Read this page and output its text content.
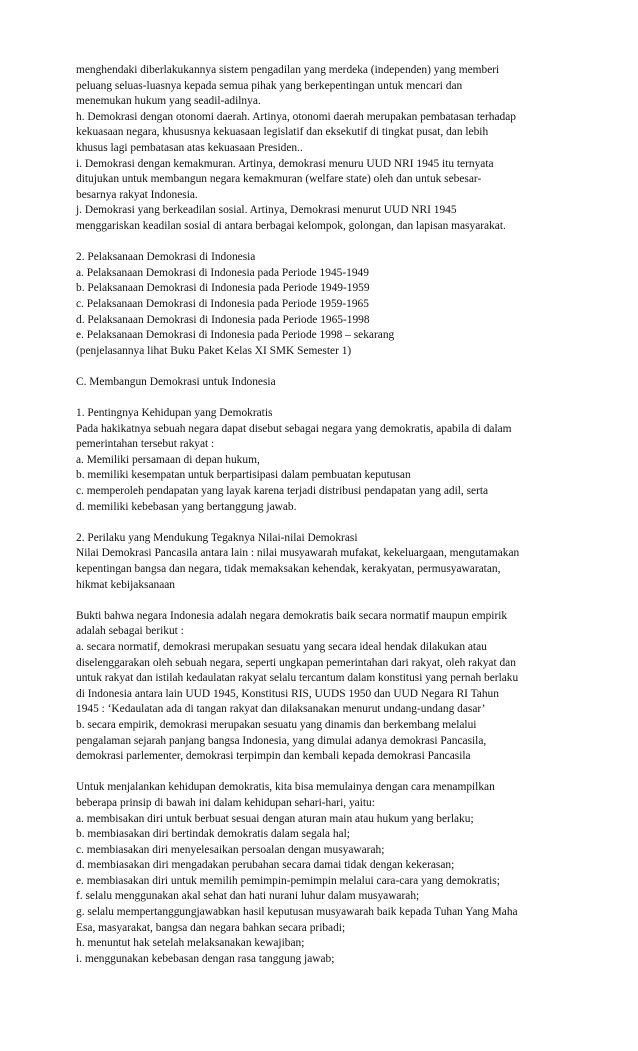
menghendaki diberlakukannya sistem pengadilan yang merdeka (independen) yang memberi
peluang seluas-luasnya kepada semua pihak yang berkepentingan untuk mencari dan
menemukan hukum yang seadil-adilnya.
h. Demokrasi dengan otonomi daerah. Artinya, otonomi daerah merupakan pembatasan terhadap
kekuasaan negara, khususnya kekuasaan legislatif dan eksekutif di tingkat pusat, dan lebih
khusus lagi pembatasan atas kekuasaan Presiden..
i. Demokrasi dengan kemakmuran. Artinya, demokrasi menuru UUD NRI 1945 itu ternyata
ditujukan untuk membangun negara kemakmuran (welfare state) oleh dan untuk sebesar-
besarnya rakyat Indonesia.
j. Demokrasi yang berkeadilan sosial. Artinya, Demokrasi menurut UUD NRI 1945
menggariskan keadilan sosial di antara berbagai kelompok, golongan, dan lapisan masyarakat.
2. Pelaksanaan Demokrasi di Indonesia
a. Pelaksanaan Demokrasi di Indonesia pada Periode 1945-1949
b. Pelaksanaan Demokrasi di Indonesia pada Periode 1949-1959
c. Pelaksanaan Demokrasi di Indonesia pada Periode 1959-1965
d. Pelaksanaan Demokrasi di Indonesia pada Periode 1965-1998
e. Pelaksanaan Demokrasi di Indonesia pada Periode 1998 – sekarang
(penjelasannya lihat Buku Paket Kelas XI SMK Semester 1)
C. Membangun Demokrasi untuk Indonesia
1. Pentingnya Kehidupan yang Demokratis
Pada hakikatnya sebuah negara dapat disebut sebagai negara yang demokratis, apabila di dalam
pemerintahan tersebut rakyat :
a. Memiliki persamaan di depan hukum,
b. memiliki kesempatan untuk berpartisipasi dalam pembuatan keputusan
c. memperoleh pendapatan yang layak karena terjadi distribusi pendapatan yang adil, serta
d. memiliki kebebasan yang bertanggung jawab.
2. Perilaku yang Mendukung Tegaknya Nilai-nilai Demokrasi
Nilai Demokrasi Pancasila antara lain : nilai musyawarah mufakat, kekeluargaan, mengutamakan
kepentingan bangsa dan negara, tidak memaksakan kehendak, kerakyatan, permusyawaratan,
hikmat kebijaksanaan
Bukti bahwa negara Indonesia adalah negara demokratis baik secara normatif maupun empirik
adalah sebagai berikut :
a. secara normatif, demokrasi merupakan sesuatu yang secara ideal hendak dilakukan atau
diselenggarakan oleh sebuah negara, seperti ungkapan pemerintahan dari rakyat, oleh rakyat dan
untuk rakyat dan istilah kedaulatan rakyat selalu tercantum dalam konstitusi yang pernah berlaku
di Indonesia antara lain UUD 1945, Konstitusi RIS, UUDS 1950 dan UUD Negara RI Tahun
1945 : ‘Kedaulatan ada di tangan rakyat dan dilaksanakan menurut undang-undang dasar’
b. secara empirik, demokrasi merupakan sesuatu yang dinamis dan berkembang melalui
pengalaman sejarah panjang bangsa Indonesia, yang dimulai adanya demokrasi Pancasila,
demokrasi parlementer, demokrasi terpimpin dan kembali kepada demokrasi Pancasila
Untuk menjalankan kehidupan demokratis, kita bisa memulainya dengan cara menampilkan
beberapa prinsip di bawah ini dalam kehidupan sehari-hari, yaitu:
a. membisakan diri untuk berbuat sesuai dengan aturan main atau hukum yang berlaku;
b. membiasakan diri bertindak demokratis dalam segala hal;
c. membiasakan diri menyelesaikan persoalan dengan musyawarah;
d. membiasakan diri mengadakan perubahan secara damai tidak dengan kekerasan;
e. membiasakan diri untuk memilih pemimpin-pemimpin melalui cara-cara yang demokratis;
f. selalu menggunakan akal sehat dan hati nurani luhur dalam musyawarah;
g. selalu mempertanggungjawabkan hasil keputusan musyawarah baik kepada Tuhan Yang Maha
Esa, masyarakat, bangsa dan negara bahkan secara pribadi;
h. menuntut hak setelah melaksanakan kewajiban;
i. menggunakan kebebasan dengan rasa tanggung jawab;
